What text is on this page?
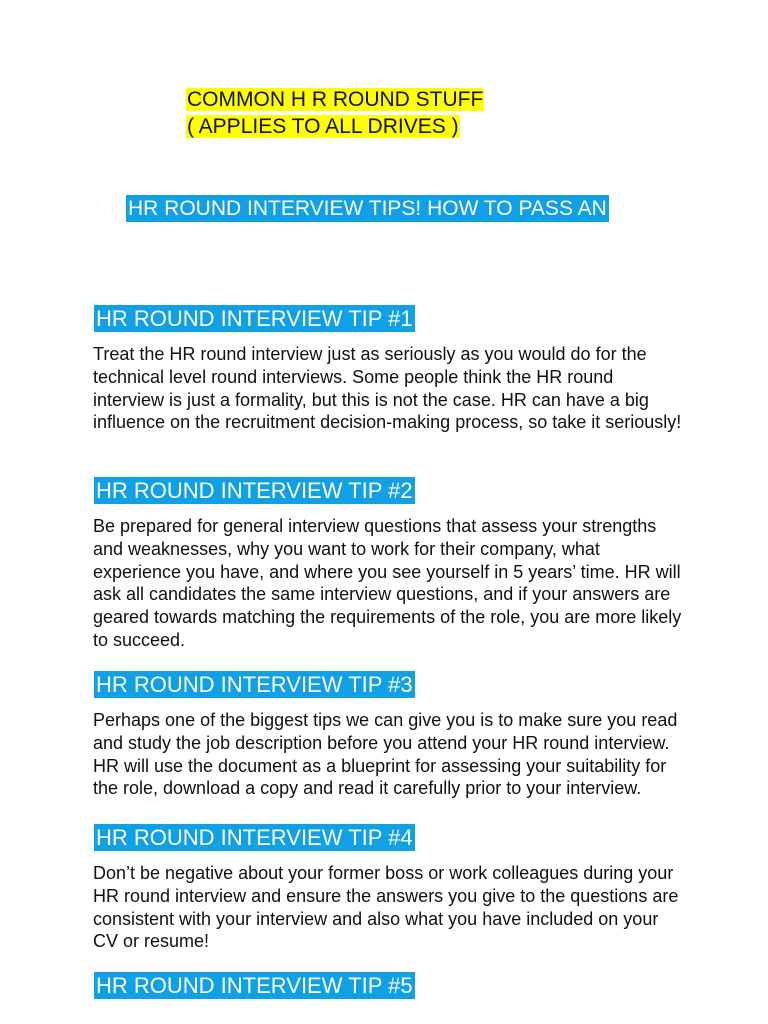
COMMON H R ROUND STUFF
( APPLIES TO ALL DRIVES )
HR ROUND INTERVIEW TIPS! HOW TO PASS AN
HR ROUND INTERVIEW TIP #1

Treat the HR round interview just as seriously as you would do for the technical level round interviews. Some people think the HR round interview is just a formality, but this is not the case. HR can have a big influence on the recruitment decision-making process, so take it seriously!

HR ROUND INTERVIEW TIP #2

Be prepared for general interview questions that assess your strengths and weaknesses, why you want to work for their company, what experience you have, and where you see yourself in 5 years’ time. HR will ask all candidates the same interview questions, and if your answers are geared towards matching the requirements of the role, you are more likely to succeed.

HR ROUND INTERVIEW TIP #3

Perhaps one of the biggest tips we can give you is to make sure you read and study the job description before you attend your HR round interview. HR will use the document as a blueprint for assessing your suitability for the role, download a copy and read it carefully prior to your interview.

HR ROUND INTERVIEW TIP #4

Don’t be negative about your former boss or work colleagues during your HR round interview and ensure the answers you give to the questions are consistent with your interview and also what you have included on your CV or resume!

HR ROUND INTERVIEW TIP #5
